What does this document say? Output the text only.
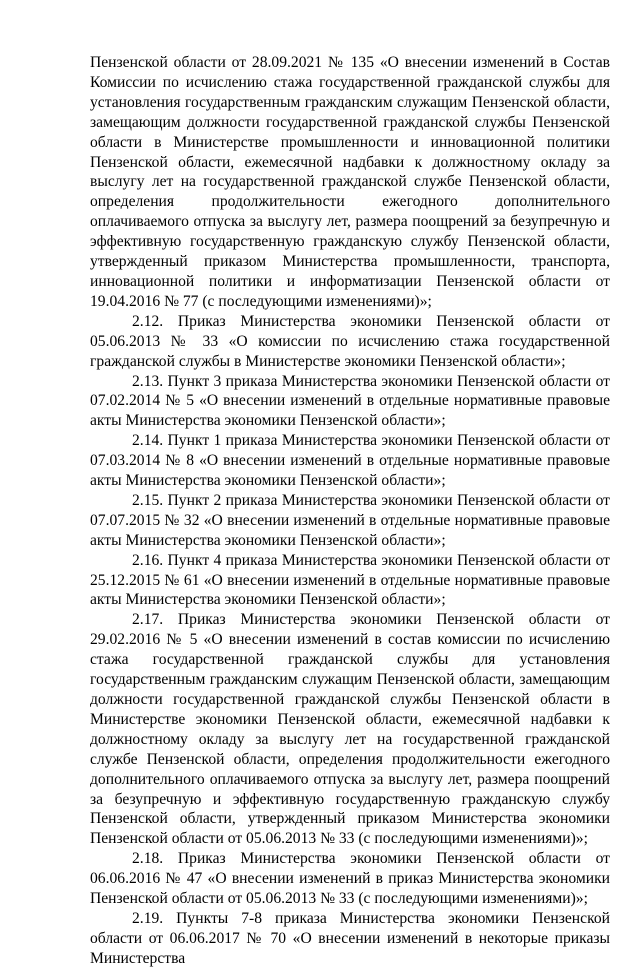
Пензенской области от 28.09.2021 № 135 «О внесении изменений в Состав Комиссии по исчислению стажа государственной гражданской службы для установления государственным гражданским служащим Пензенской области, замещающим должности государственной гражданской службы Пензенской области в Министерстве промышленности и инновационной политики Пензенской области, ежемесячной надбавки к должностному окладу за выслугу лет на государственной гражданской службе Пензенской области, определения продолжительности ежегодного дополнительного оплачиваемого отпуска за выслугу лет, размера поощрений за безупречную и эффективную государственную гражданскую службу Пензенской области, утвержденный приказом Министерства промышленности, транспорта, инновационной политики и информатизации Пензенской области от 19.04.2016 № 77 (с последующими изменениями)»;

2.12. Приказ Министерства экономики Пензенской области от 05.06.2013 № 33 «О комиссии по исчислению стажа государственной гражданской службы в Министерстве экономики Пензенской области»;

2.13. Пункт 3 приказа Министерства экономики Пензенской области от 07.02.2014 № 5 «О внесении изменений в отдельные нормативные правовые акты Министерства экономики Пензенской области»;

2.14. Пункт 1 приказа Министерства экономики Пензенской области от 07.03.2014 № 8 «О внесении изменений в отдельные нормативные правовые акты Министерства экономики Пензенской области»;

2.15. Пункт 2 приказа Министерства экономики Пензенской области от 07.07.2015 № 32 «О внесении изменений в отдельные нормативные правовые акты Министерства экономики Пензенской области»;

2.16. Пункт 4 приказа Министерства экономики Пензенской области от 25.12.2015 № 61 «О внесении изменений в отдельные нормативные правовые акты Министерства экономики Пензенской области»;

2.17. Приказ Министерства экономики Пензенской области от 29.02.2016 № 5 «О внесении изменений в состав комиссии по исчислению стажа государственной гражданской службы для установления государственным гражданским служащим Пензенской области, замещающим должности государственной гражданской службы Пензенской области в Министерстве экономики Пензенской области, ежемесячной надбавки к должностному окладу за выслугу лет на государственной гражданской службе Пензенской области, определения продолжительности ежегодного дополнительного оплачиваемого отпуска за выслугу лет, размера поощрений за безупречную и эффективную государственную гражданскую службу Пензенской области, утвержденный приказом Министерства экономики Пензенской области от 05.06.2013 № 33 (с последующими изменениями)»;

2.18. Приказ Министерства экономики Пензенской области от 06.06.2016 № 47 «О внесении изменений в приказ Министерства экономики Пензенской области от 05.06.2013 № 33 (с последующими изменениями)»;

2.19. Пункты 7-8 приказа Министерства экономики Пензенской области от 06.06.2017 № 70 «О внесении изменений в некоторые приказы Министерства
